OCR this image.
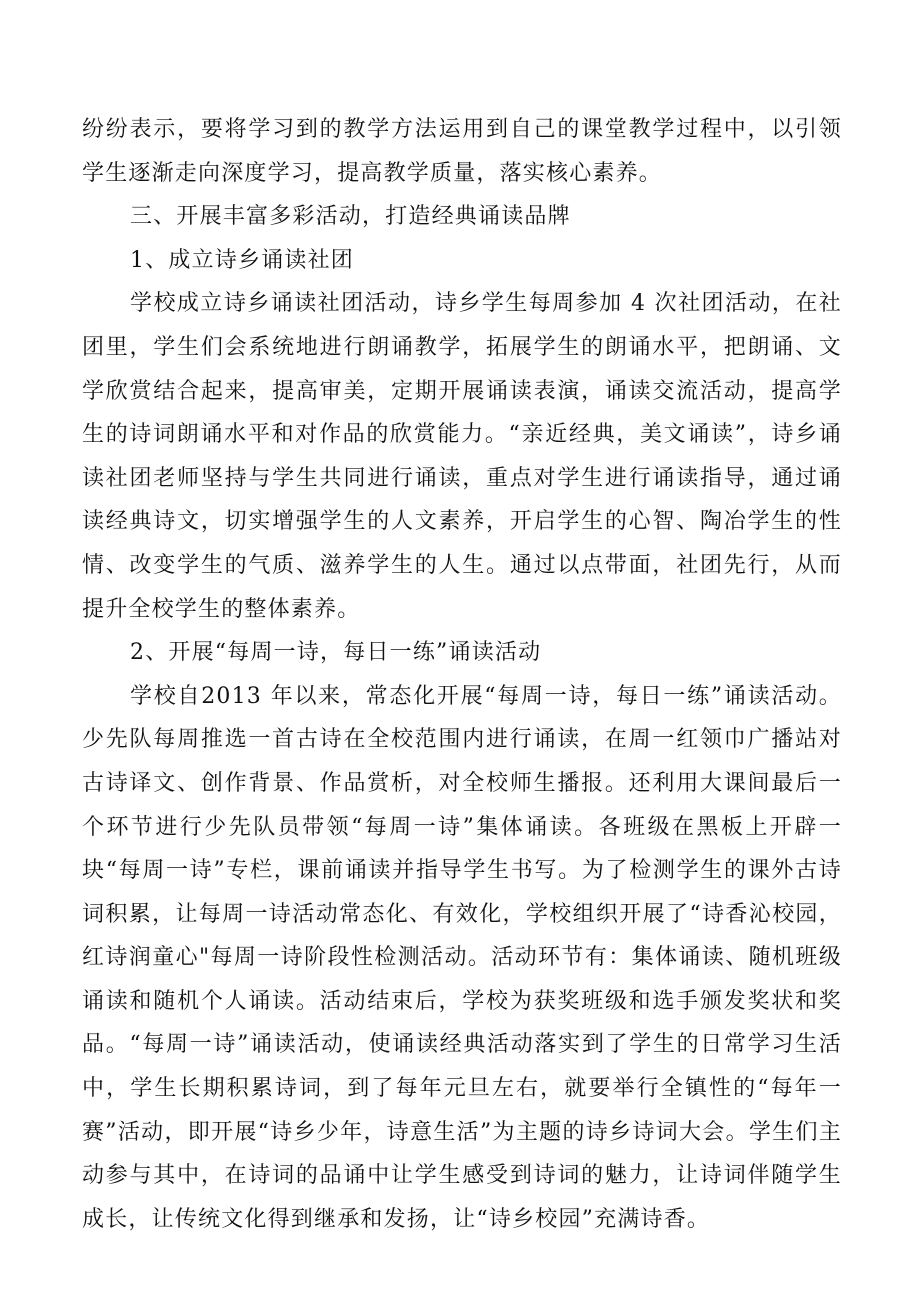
纷纷表示，要将学习到的教学方法运用到自己的课堂教学过程中，以引领学生逐渐走向深度学习，提高教学质量，落实核心素养。

三、开展丰富多彩活动，打造经典诵读品牌

1、成立诗乡诵读社团

学校成立诗乡诵读社团活动，诗乡学生每周参加 4 次社团活动，在社团里，学生们会系统地进行朗诵教学，拓展学生的朗诵水平，把朗诵、文学欣赏结合起来，提高审美，定期开展诵读表演，诵读交流活动，提高学生的诗词朗诵水平和对作品的欣赏能力。“亲近经典，美文诵读”，诗乡诵读社团老师坚持与学生共同进行诵读，重点对学生进行诵读指导，通过诵读经典诗文，切实增强学生的人文素养，开启学生的心智、陶冶学生的性情、改变学生的气质、滋养学生的人生。通过以点带面，社团先行，从而提升全校学生的整体素养。

2、开展“每周一诗，每日一练”诵读活动

学校自2013 年以来，常态化开展“每周一诗，每日一练”诵读活动。少先队每周推选一首古诗在全校范围内进行诵读，在周一红领巾广播站对古诗译文、创作背景、作品赏析，对全校师生播报。还利用大课间最后一个环节进行少先队员带领“每周一诗”集体诵读。各班级在黑板上开辟一块“每周一诗”专栏，课前诵读并指导学生书写。为了检测学生的课外古诗词积累，让每周一诗活动常态化、有效化，学校组织开展了“诗香沁校园，红诗润童心"每周一诗阶段性检测活动。活动环节有：集体诵读、随机班级诵读和随机个人诵读。活动结束后，学校为获奖班级和选手颁发奖状和奖品。“每周一诗”诵读活动，使诵读经典活动落实到了学生的日常学习生活中，学生长期积累诗词，到了每年元旦左右，就要举行全镇性的“每年一赛”活动，即开展“诗乡少年，诗意生活”为主题的诗乡诗词大会。学生们主动参与其中，在诗词的品诵中让学生感受到诗词的魅力，让诗词伴随学生成长，让传统文化得到继承和发扬，让“诗乡校园”充满诗香。
